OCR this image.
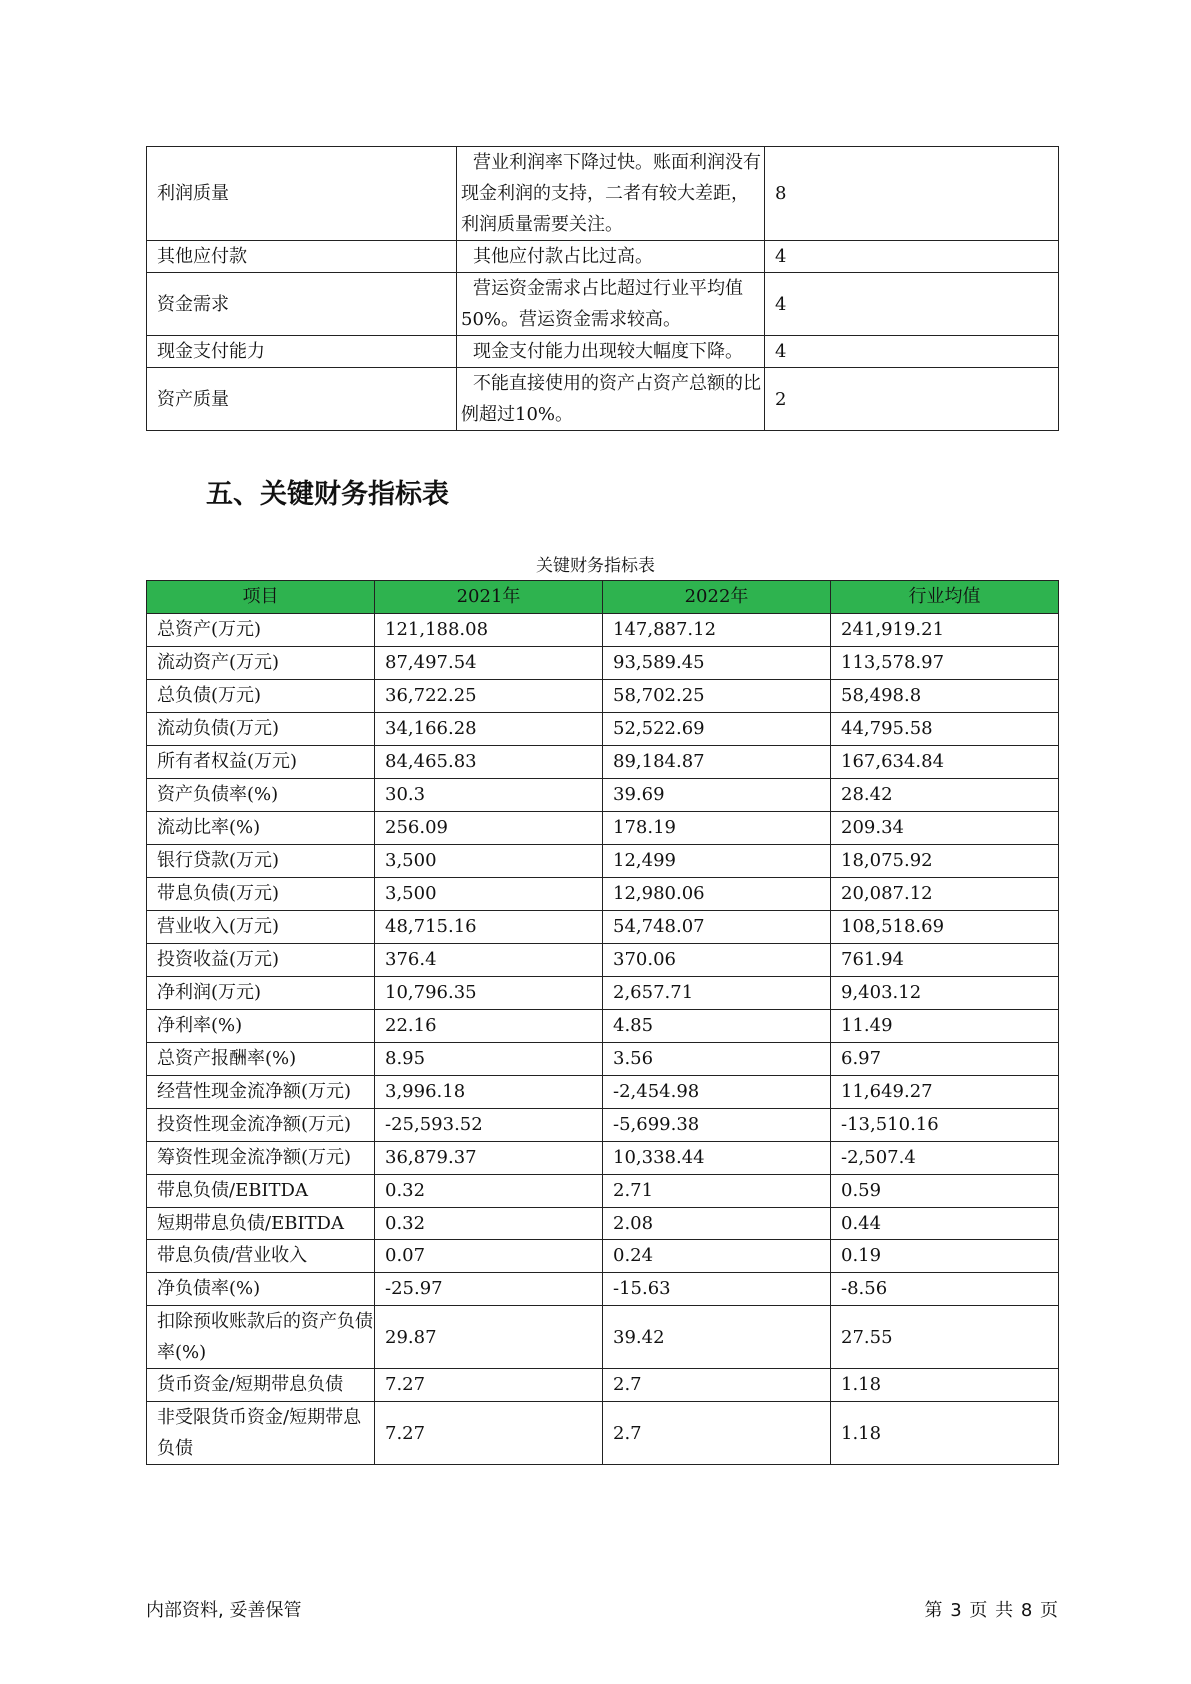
利润质量	营业利润率下降过快。账面利润没有现金利润的支持，二者有较大差距，利润质量需要关注。	8
其他应付款	其他应付款占比过高。	4
资金需求	营运资金需求占比超过行业平均值50%。营运资金需求较高。	4
现金支付能力	现金支付能力出现较大幅度下降。	4
资产质量	不能直接使用的资产占资产总额的比例超过10%。	2
五、关键财务指标表
关键财务指标表
项目	2021年	2022年	行业均值
总资产(万元)	121,188.08	147,887.12	241,919.21
流动资产(万元)	87,497.54	93,589.45	113,578.97
总负债(万元)	36,722.25	58,702.25	58,498.8
流动负债(万元)	34,166.28	52,522.69	44,795.58
所有者权益(万元)	84,465.83	89,184.87	167,634.84
资产负债率(%)	30.3	39.69	28.42
流动比率(%)	256.09	178.19	209.34
银行贷款(万元)	3,500	12,499	18,075.92
带息负债(万元)	3,500	12,980.06	20,087.12
营业收入(万元)	48,715.16	54,748.07	108,518.69
投资收益(万元)	376.4	370.06	761.94
净利润(万元)	10,796.35	2,657.71	9,403.12
净利率(%)	22.16	4.85	11.49
总资产报酬率(%)	8.95	3.56	6.97
经营性现金流净额(万元)	3,996.18	-2,454.98	11,649.27
投资性现金流净额(万元)	-25,593.52	-5,699.38	-13,510.16
筹资性现金流净额(万元)	36,879.37	10,338.44	-2,507.4
带息负债/EBITDA	0.32	2.71	0.59
短期带息负债/EBITDA	0.32	2.08	0.44
带息负债/营业收入	0.07	0.24	0.19
净负债率(%)	-25.97	-15.63	-8.56
扣除预收账款后的资产负债率(%)	29.87	39.42	27.55
货币资金/短期带息负债	7.27	2.7	1.18
非受限货币资金/短期带息负债	7.27	2.7	1.18
内部资料, 妥善保管	第 3 页 共 8 页
